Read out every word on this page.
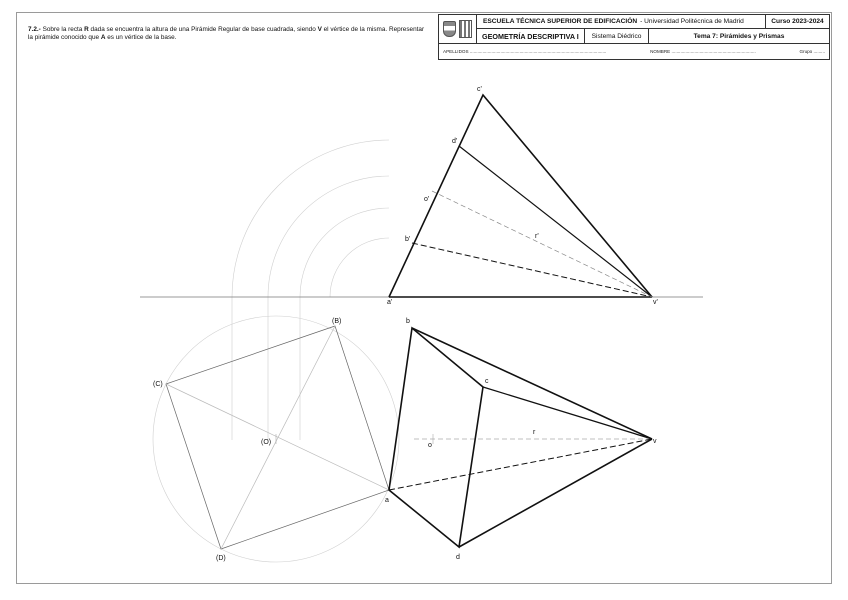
7.2.- Sobre la recta R dada se encuentra la altura de una Pirámide Regular de base cuadrada, siendo V el vértice de la misma. Representar la pirámide conocido que A es un vértice de la base.
ESCUELA TÉCNICA SUPERIOR DE EDIFICACIÓN - Universidad Politécnica de Madrid	Curso 2023-2024
GEOMETRÍA DESCRIPTIVA I	Sistema Diédrico	Tema 7: Pirámides y Prismas
APELLIDOS ...........................................................................................................	NOMBRE ..................................................................	Grupo .........
c'
d'
o'
b'	r'
a'	v'
b
c
o
r
v
a
d
(B)
(C)
(O)
(D)
